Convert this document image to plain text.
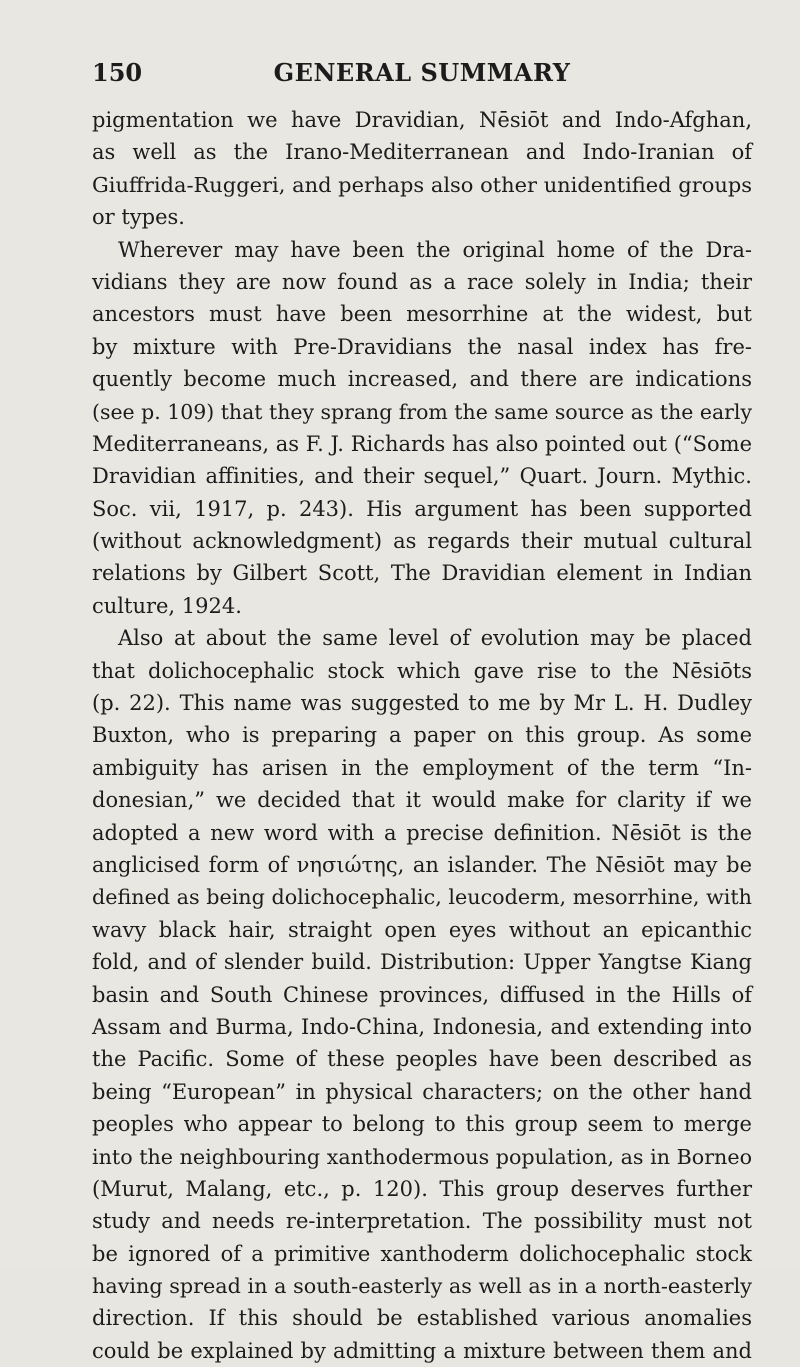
150	GENERAL SUMMARY
pigmentation we have Dravidian, Nēsiōt and Indo-Afghan,
as well as the Irano-Mediterranean and Indo-Iranian of
Giuffrida-Ruggeri, and perhaps also other unidentified groups
or types.
Wherever may have been the original home of the Dra-
vidians they are now found as a race solely in India; their
ancestors must have been mesorrhine at the widest, but
by mixture with Pre-Dravidians the nasal index has fre-
quently become much increased, and there are indications
(see p. 109) that they sprang from the same source as the early
Mediterraneans, as F. J. Richards has also pointed out (“Some
Dravidian affinities, and their sequel,” Quart. Journ. Mythic.
Soc. vii, 1917, p. 243). His argument has been supported
(without acknowledgment) as regards their mutual cultural
relations by Gilbert Scott, The Dravidian element in Indian
culture, 1924.
Also at about the same level of evolution may be placed
that dolichocephalic stock which gave rise to the Nēsiōts
(p. 22). This name was suggested to me by Mr L. H. Dudley
Buxton, who is preparing a paper on this group. As some
ambiguity has arisen in the employment of the term “In-
donesian,” we decided that it would make for clarity if we
adopted a new word with a precise definition. Nēsiōt is the
anglicised form of νησιώτης, an islander. The Nēsiōt may be
defined as being dolichocephalic, leucoderm, mesorrhine, with
wavy black hair, straight open eyes without an epicanthic
fold, and of slender build. Distribution: Upper Yangtse Kiang
basin and South Chinese provinces, diffused in the Hills of
Assam and Burma, Indo-China, Indonesia, and extending into
the Pacific. Some of these peoples have been described as
being “European” in physical characters; on the other hand
peoples who appear to belong to this group seem to merge
into the neighbouring xanthodermous population, as in Borneo
(Murut, Malang, etc., p. 120). This group deserves further
study and needs re-interpretation. The possibility must not
be ignored of a primitive xanthoderm dolichocephalic stock
having spread in a south-easterly as well as in a north-easterly
direction. If this should be established various anomalies
could be explained by admitting a mixture between them and
